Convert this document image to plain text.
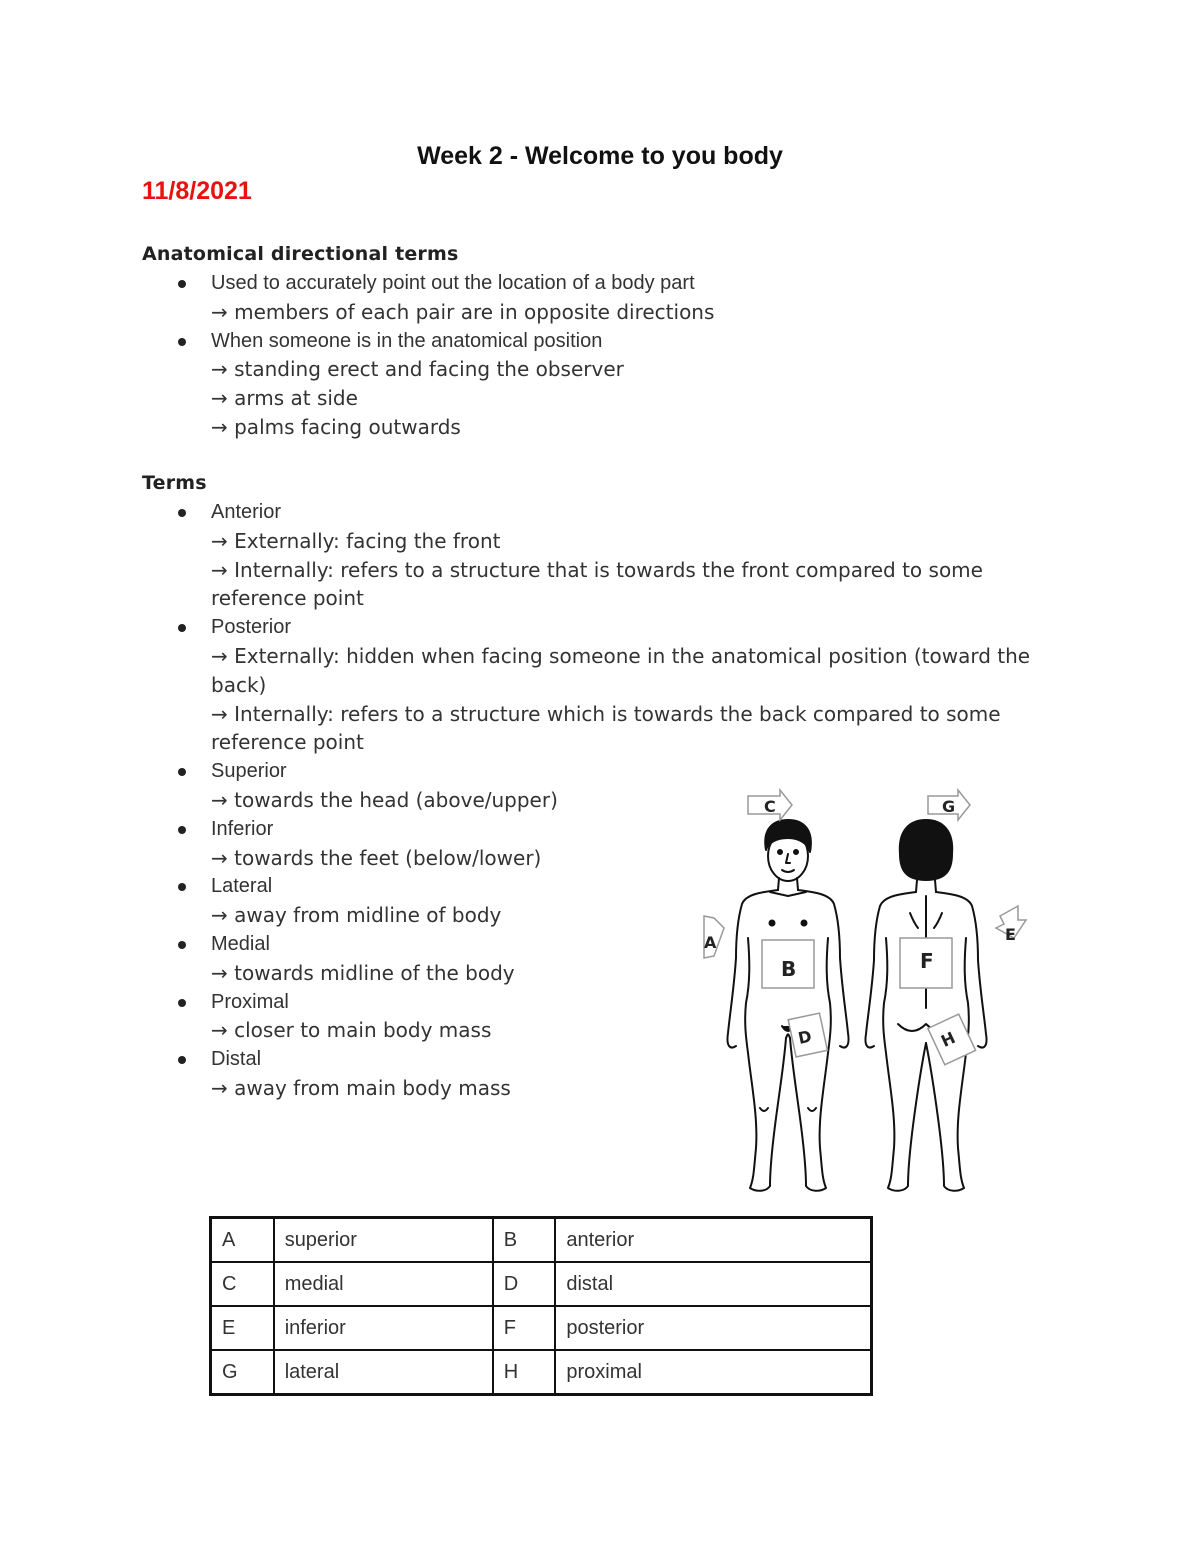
Week 2 - Welcome to you body
11/8/2021
Anatomical directional terms
Used to accurately point out the location of a body part
→ members of each pair are in opposite directions
When someone is in the anatomical position
→ standing erect and facing the observer
→ arms at side
→ palms facing outwards
Terms
Anterior
→ Externally: facing the front
→ Internally: refers to a structure that is towards the front compared to some reference point
Posterior
→ Externally: hidden when facing someone in the anatomical position (toward the back)
→ Internally: refers to a structure which is towards the back compared to some reference point
Superior
→ towards the head (above/upper)
Inferior
→ towards the feet (below/lower)
Lateral
→ away from midline of body
Medial
→ towards midline of the body
Proximal
→ closer to main body mass
Distal
→ away from main body mass
C	G
A	E
B	F
D	H
A	superior	B	anterior
C	medial	D	distal
E	inferior	F	posterior
G	lateral	H	proximal
